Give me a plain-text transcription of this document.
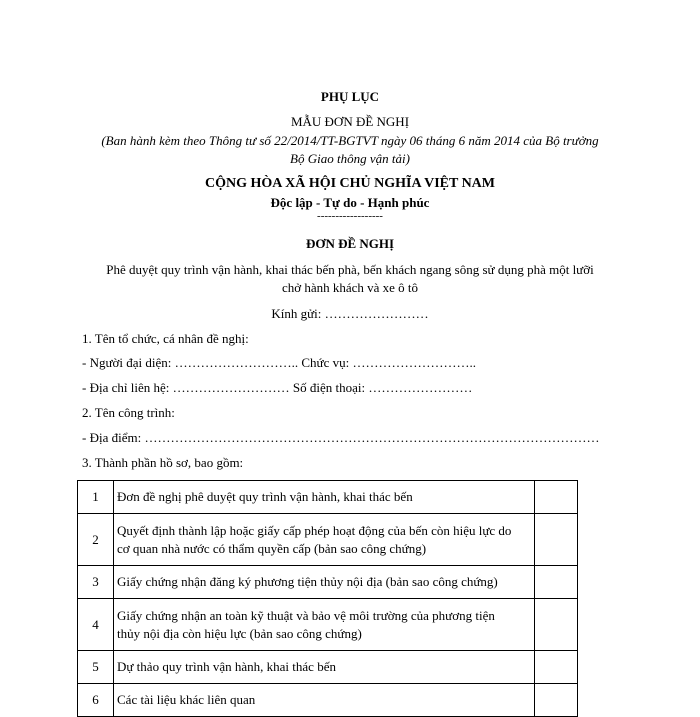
PHỤ LỤC
MẪU ĐƠN ĐỀ NGHỊ
(Ban hành kèm theo Thông tư số 22/2014/TT-BGTVT ngày 06 tháng 6 năm 2014 của Bộ trưởng
Bộ Giao thông vận tải)
CỘNG HÒA XÃ HỘI CHỦ NGHĨA VIỆT NAM
Độc lập - Tự do - Hạnh phúc
------------------
ĐƠN ĐỀ NGHỊ
Phê duyệt quy trình vận hành, khai thác bến phà, bến khách ngang sông sử dụng phà một lưỡi
chở hành khách và xe ô tô
Kính gửi: ……………………
1. Tên tổ chức, cá nhân đề nghị:
- Người đại diện: ……………………….. Chức vụ: ………………………..
- Địa chỉ liên hệ: ……………………… Số điện thoại: ……………………
2. Tên công trình:
- Địa điểm: ……………………………………………………………………………………………
3. Thành phần hồ sơ, bao gồm:
1	Đơn đề nghị phê duyệt quy trình vận hành, khai thác bến	
2	Quyết định thành lập hoặc giấy cấp phép hoạt động của bến còn hiệu lực do
cơ quan nhà nước có thẩm quyền cấp (bản sao công chứng)	

3	Giấy chứng nhận đăng ký phương tiện thủy nội địa (bản sao công chứng)	
4	Giấy chứng nhận an toàn kỹ thuật và bảo vệ môi trường của phương tiện
thủy nội địa còn hiệu lực (bản sao công chứng)	

5	Dự thảo quy trình vận hành, khai thác bến	
6	Các tài liệu khác liên quan	
